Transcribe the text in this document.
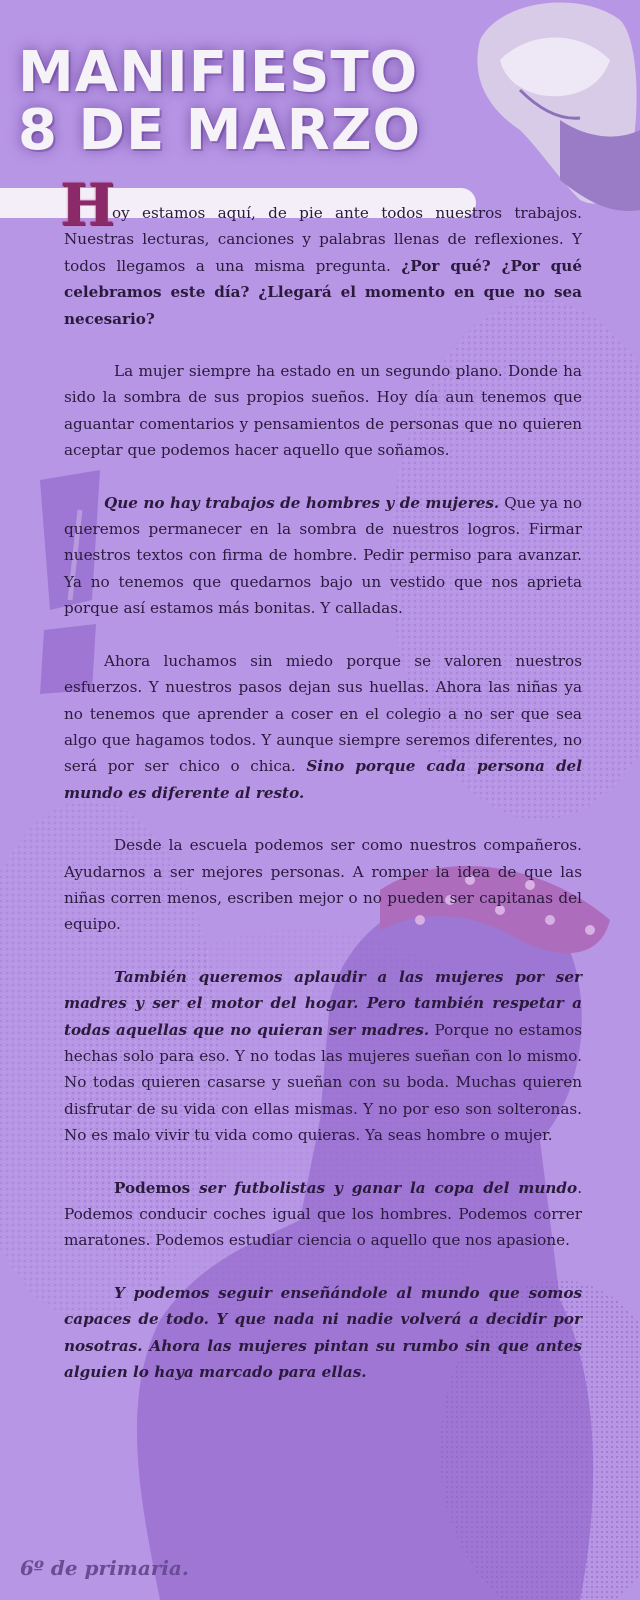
MANIFIESTO
8 DE MARZO
H

oy estamos aquí, de pie ante todos nuestros trabajos. Nuestras lecturas, canciones y palabras llenas de reflexiones. Y todos llegamos a una misma pregunta. ¿Por qué? ¿Por qué celebramos este día? ¿Llegará el momento en que no sea necesario?

La mujer siempre ha estado en un segundo plano. Donde ha sido la sombra de sus propios sueños. Hoy día aun tenemos que aguantar comentarios y pensamientos de personas que no quieren aceptar que podemos hacer aquello que soñamos.

Que no hay trabajos de hombres y de mujeres. Que ya no queremos permanecer en la sombra de nuestros logros. Firmar nuestros textos con firma de hombre. Pedir permiso para avanzar. Ya no tenemos que quedarnos bajo un vestido que nos aprieta porque así estamos más bonitas. Y calladas.

Ahora luchamos sin miedo porque se valoren nuestros esfuerzos. Y nuestros pasos dejan sus huellas. Ahora las niñas ya no tenemos que aprender a coser en el colegio a no ser que sea algo que hagamos todos. Y aunque siempre seremos diferentes, no será por ser chico o chica. Sino porque cada persona del mundo es diferente al resto.

Desde la escuela podemos ser como nuestros compañeros. Ayudarnos a ser mejores personas. A romper la idea de que las niñas corren menos, escriben mejor o no pueden ser capitanas del equipo.

También queremos aplaudir a las mujeres por ser madres y ser el motor del hogar. Pero también respetar a todas aquellas que no quieran ser madres. Porque no estamos hechas solo para eso. Y no todas las mujeres sueñan con lo mismo. No todas quieren casarse y sueñan con su boda. Muchas quieren disfrutar de su vida con ellas mismas. Y no por eso son solteronas. No es malo vivir tu vida como quieras. Ya seas hombre o mujer.

Podemos ser futbolistas y ganar la copa del mundo. Podemos conducir coches igual que los hombres. Podemos correr maratones. Podemos estudiar ciencia o aquello que nos apasione.

Y podemos seguir enseñándole al mundo que somos capaces de todo. Y que nada ni nadie volverá a decidir por nosotras. Ahora las mujeres pintan su rumbo sin que antes alguien lo haya marcado para ellas.

6º de primaria.
